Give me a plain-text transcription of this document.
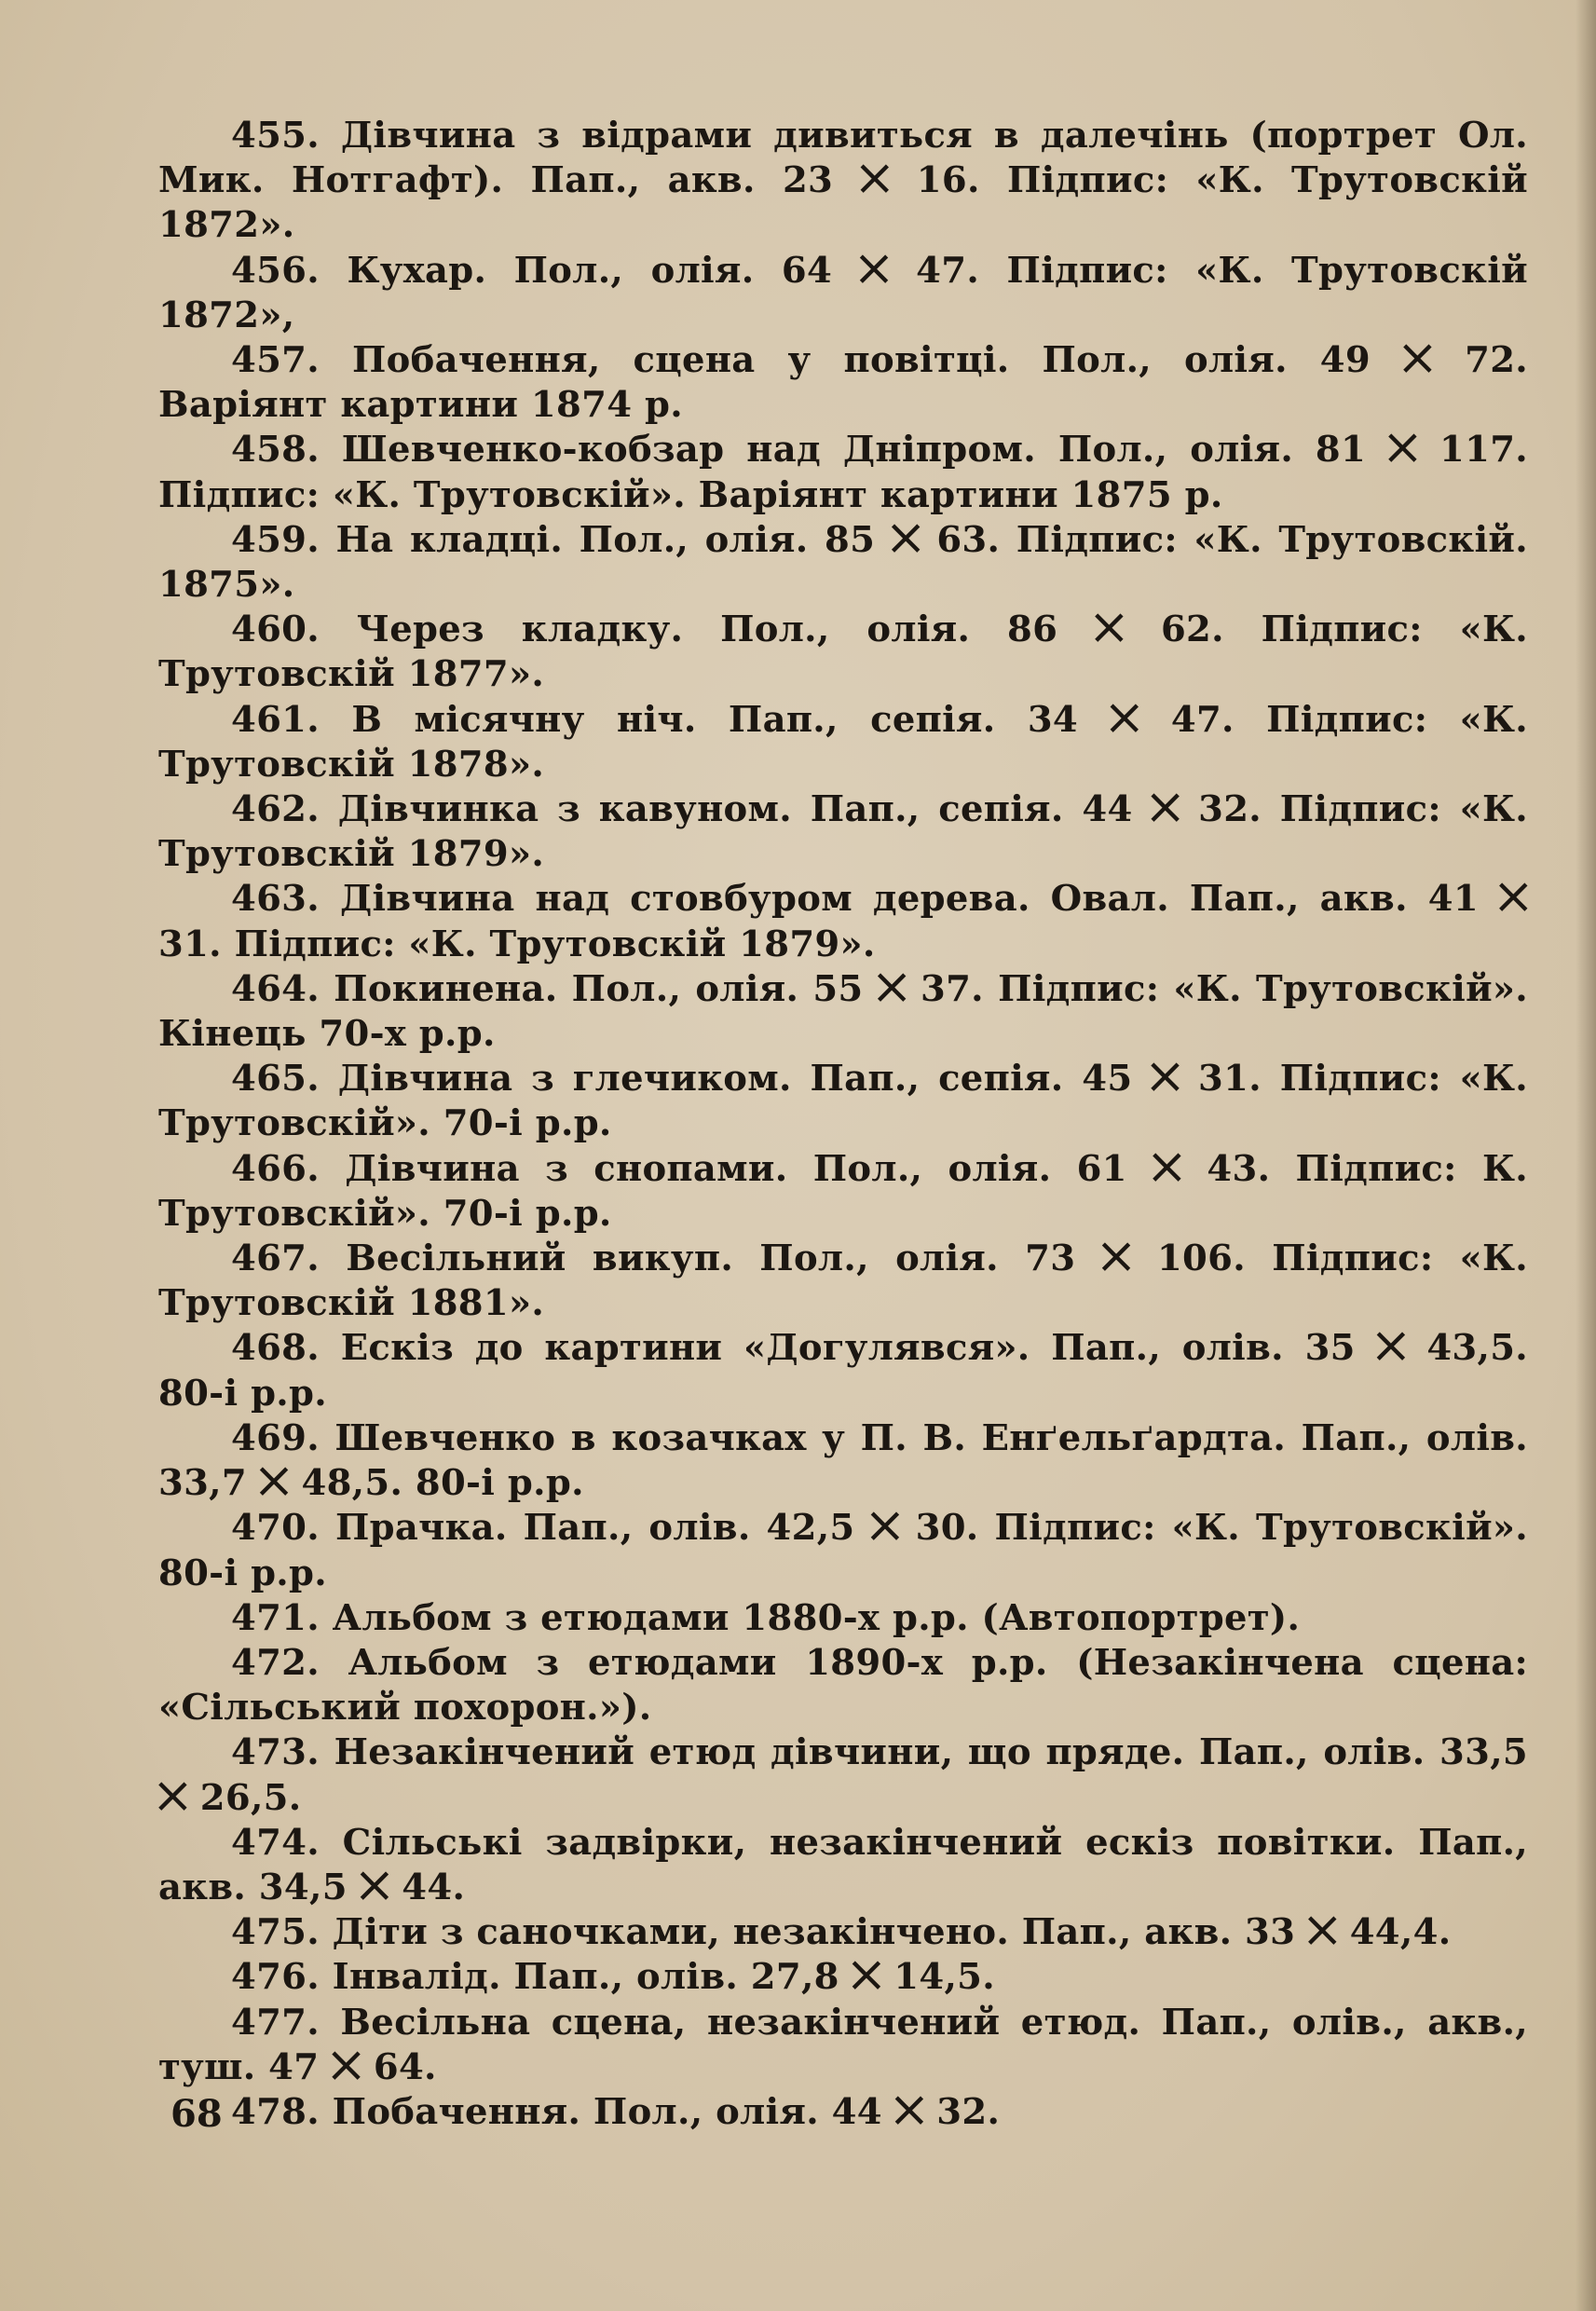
455. Дівчина з відрами дивиться в далечінь (портрет Ол. Мик. Нотгафт). Пап., акв. 23 ⨉ 16. Підпис: «К. Трутовскій 1872».

456. Кухар. Пол., олія. 64 ⨉ 47. Підпис: «К. Трутовскій 1872»,

457. Побачення, сцена у повітці. Пол., олія. 49 ⨉ 72. Варіянт картини 1874 р.

458. Шевченко-кобзар над Дніпром. Пол., олія. 81 ⨉ 117. Підпис: «К. Трутовскій». Варіянт картини 1875 р.

459. На кладці. Пол., олія. 85 ⨉ 63. Підпис: «К. Трутовскій. 1875».

460. Через кладку. Пол., олія. 86 ⨉ 62. Підпис: «К. Трутовскій 1877».

461. В місячну ніч. Пап., сепія. 34 ⨉ 47. Підпис: «К. Трутовскій 1878».

462. Дівчинка з кавуном. Пап., сепія. 44 ⨉ 32. Підпис: «К. Трутовскій 1879».

463. Дівчина над стовбуром дерева. Овал. Пап., акв. 41 ⨉ 31. Підпис: «К. Трутовскій 1879».

464. Покинена. Пол., олія. 55 ⨉ 37. Підпис: «К. Трутовскій». Кінець 70-х р.р.

465. Дівчина з глечиком. Пап., сепія. 45 ⨉ 31. Підпис: «К. Трутовскій». 70-і р.р.

466. Дівчина з снопами. Пол., олія. 61 ⨉ 43. Підпис: К. Трутовскій». 70-і р.р.

467. Весільний викуп. Пол., олія. 73 ⨉ 106. Підпис: «К. Трутовскій 1881».

468. Ескіз до картини «Догулявся». Пап., олів. 35 ⨉ 43,5. 80-і р.р.

469. Шевченко в козачках у П. В. Енґельґардта. Пап., олів. 33,7 ⨉ 48,5. 80-і р.р.

470. Прачка. Пап., олів. 42,5 ⨉ 30. Підпис: «К. Трутовскій». 80-і р.р.

471. Альбом з етюдами 1880-х р.р. (Автопортрет).

472. Альбом з етюдами 1890-х р.р. (Незакінчена сцена: «Сільський похорон.»).

473. Незакінчений етюд дівчини, що пряде. Пап., олів. 33,5 ⨉ 26,5.

474. Сільські задвірки, незакінчений ескіз повітки. Пап., акв. 34,5 ⨉ 44.

475. Діти з саночками, незакінчено. Пап., акв. 33 ⨉ 44,4.

476. Інвалід. Пап., олів. 27,8 ⨉ 14,5.

477. Весільна сцена, незакінчений етюд. Пап., олів., акв., туш. 47 ⨉ 64.

478. Побачення. Пол., олія. 44 ⨉ 32.

68
